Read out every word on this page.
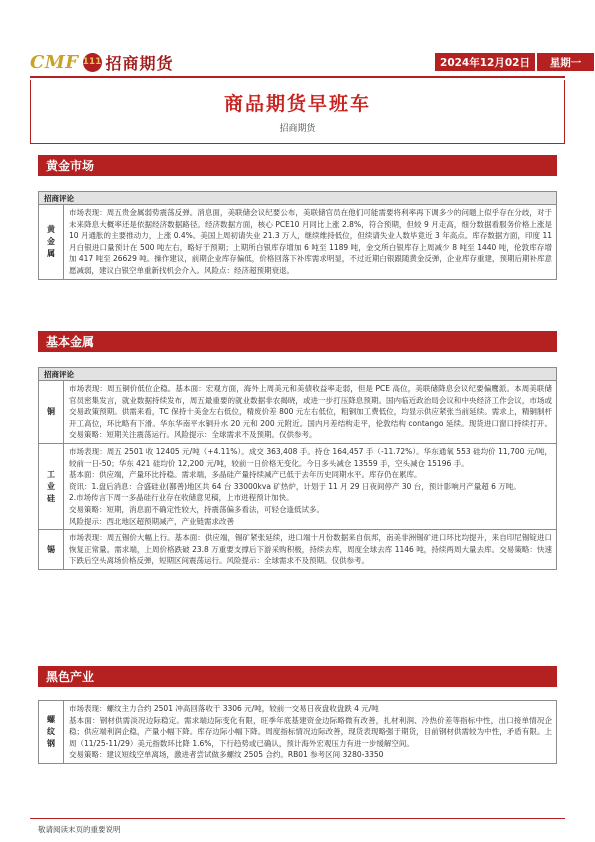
CMF 111 招商期货	2024年12月02日	星期一
商品期货早班车
招商期货
黄金市场
招商评论
黄
金
属

市场表现：周五贵金属弱势震荡反弹。消息面，美联储会议纪要公布，美联储官员在他们可能需要将利率再下调多少的问题上似乎存在分歧，对于未来降息大概率还是依据经济数据路径。经济数据方面，核心 PCE10 月同比上涨 2.8%，符合预期，但较 9 月走高，细分数据看服务价格上涨是 10 月通胀的主要推动力，上涨 0.4%。美国上周初请失业 21.3 万人，继续维持低位，但续请失业人数毕竟近 3 年高点。库存数据方面，印度 11 月白银进口量预计在 500 吨左右，略好于预期；上期所白银库存增加 6 吨至 1189 吨，金交所白银库存上周减少 8 吨至 1440 吨，伦敦库存增加 417 吨至 26629 吨。操作建议，前期企业库存偏低，价格回落下补库需求明显，不过近期白银跟随黄金反弹，企业库存重建，预期后期补库意愿减弱，建议白银空单重新找机会介入。风险点：经济超预期衰退。

基本金属
招商评论
铜

市场表现：周五铜价低位企稳。基本面：宏观方面，海外上周美元和美债收益率走弱，但是 PCE 高位，美联储降息会议纪要偏鹰派。本周美联储官员密集发言，就业数据持续发布，周五最重要的就业数据非农揭晓，或进一步打压降息预期。国内临近政治局会议和中央经济工作会议，市场或交易政策预期。供需来看，TC 保持十美金左右低位，精废价差 800 元左右低位，粗铜加工费低位，均显示供应紧张当前延续。需求上，精铜制杆开工高位，环比略有下滑。华东华南平水铜升水 20 元和 200 元附近。国内月差结构走平，伦敦结构 contango 延续。现货进口窗口持续打开。交易策略：短期关注震荡运行。风险提示：全球需求不及预期。仅供参考。

工
业
硅

市场表现：周五 2501 收 12405 元/吨（+4.11%）。成交 363,408 手。持仓 164,457 手（-11.72%）。华东通氧 553 硅均价 11,700 元/吨，较前一日-50；华东 421 硅均价 12,200 元/吨，较前一日价格无变化。今日多头减仓 13559 手，空头减仓 15196 手。

基本面：供应端，产量环比持稳。需求端，多晶硅产量持续减产已低于去年历史同期水平。库存仍在累库。

资讯：1.盘后消息：合盛硅业(鄯善)地区共 64 台 33000kva 矿热炉，计划于 11 月 29 日夜间停产 30 台，预计影响月产量超 6 万吨。

2.市场传言下周一多晶硅行业存在收储意见稿，上市进程预计加快。

交易策略：短期，消息面不确定性较大，持震荡偏多看法，可轻仓逢低试多。

风险提示：西北地区超预期减产，产业链需求改善

锡

市场表现：周五锡价大幅上行。基本面：供应端，锡矿紧张延续，进口端十月份数据来自佤邦，南美非洲锡矿进口环比均提升，来自印尼锡锭进口恢复正常量。需求端，上周价格跌破 23.8 万重要支撑后下游采购积极，持续去库，周度全球去库 1146 吨，持续两周大量去库。交易策略：快速下跌后空头离场价格反弹，短期区间震荡运行。风险提示：全球需求不及预期。仅供参考。

黑色产业
螺
纹
钢

市场表现：螺纹主力合约 2501 冲高回落收于 3306 元/吨，较前一交易日夜盘收盘跌 4 元/吨

基本面：钢材供需淡况边际稳定。需求端边际变化有限，旺季年底基建资金边际略微有改善，扎材利润、冷热价差等指标中性，出口接单情况企稳；供应端利润企稳，产量小幅下降。库存边际小幅下降。周度指标情况边际改善，现货表现略强于期货，目前钢材供需较为中性，矛盾有限。上周（11/25-11/29）美元指数环比降 1.6%，下行趋势或已确认，预计海外宏观压力有进一步缓解空间。

交易策略：建议短线空单离场，激进者尝试做多螺纹 2505 合约。RB01 参考区间 3280-3350

敬请阅读末页的重要说明
